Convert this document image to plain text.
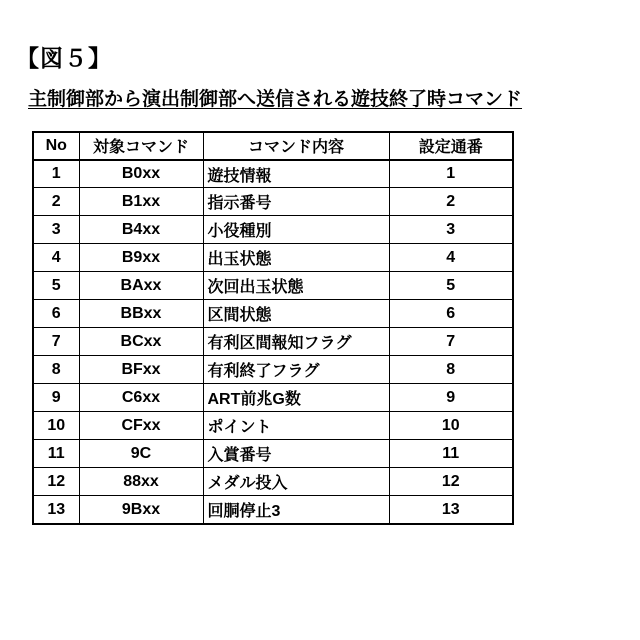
【図５】
主制御部から演出制御部へ送信される遊技終了時コマンド
No	対象コマンド	コマンド内容	設定通番
1	B0xx	遊技情報	1
2	B1xx	指示番号	2
3	B4xx	小役種別	3
4	B9xx	出玉状態	4
5	BAxx	次回出玉状態	5
6	BBxx	区間状態	6
7	BCxx	有利区間報知フラグ	7
8	BFxx	有利終了フラグ	8
9	C6xx	ART前兆G数	9
10	CFxx	ポイント	10
11	9C	入賞番号	11
12	88xx	メダル投入	12
13	9Bxx	回胴停止3	13
